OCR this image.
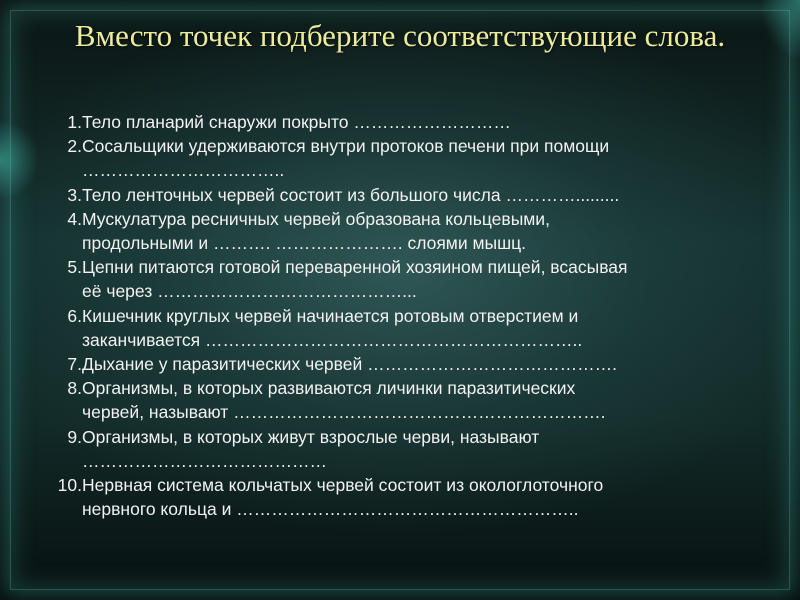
Вместо точек подберите соответствующие слова.
1. Тело планарий снаружи покрыто ………………………
2. Сосальщики удерживаются внутри протоков печени при помощи
……………………………..
3. Тело ленточных червей состоит из большого числа ………….........
4. Мускулатура ресничных червей образована кольцевыми,
продольными и ………. …………………. слоями мышц.
5. Цепни питаются готовой переваренной хозяином пищей, всасывая
её через ……………………………………...
6. Кишечник круглых червей начинается ротовым отверстием и
заканчивается ………………………………………………………..
7. Дыхание у паразитических червей …………………………………….
8. Организмы, в которых развиваются личинки паразитических
червей, называют ……………………………………………………….
9. Организмы, в которых живут взрослые черви, называют
……………………………………
10. Нервная система кольчатых червей состоит из окологлоточного
нервного кольца и …………………………………………………..
